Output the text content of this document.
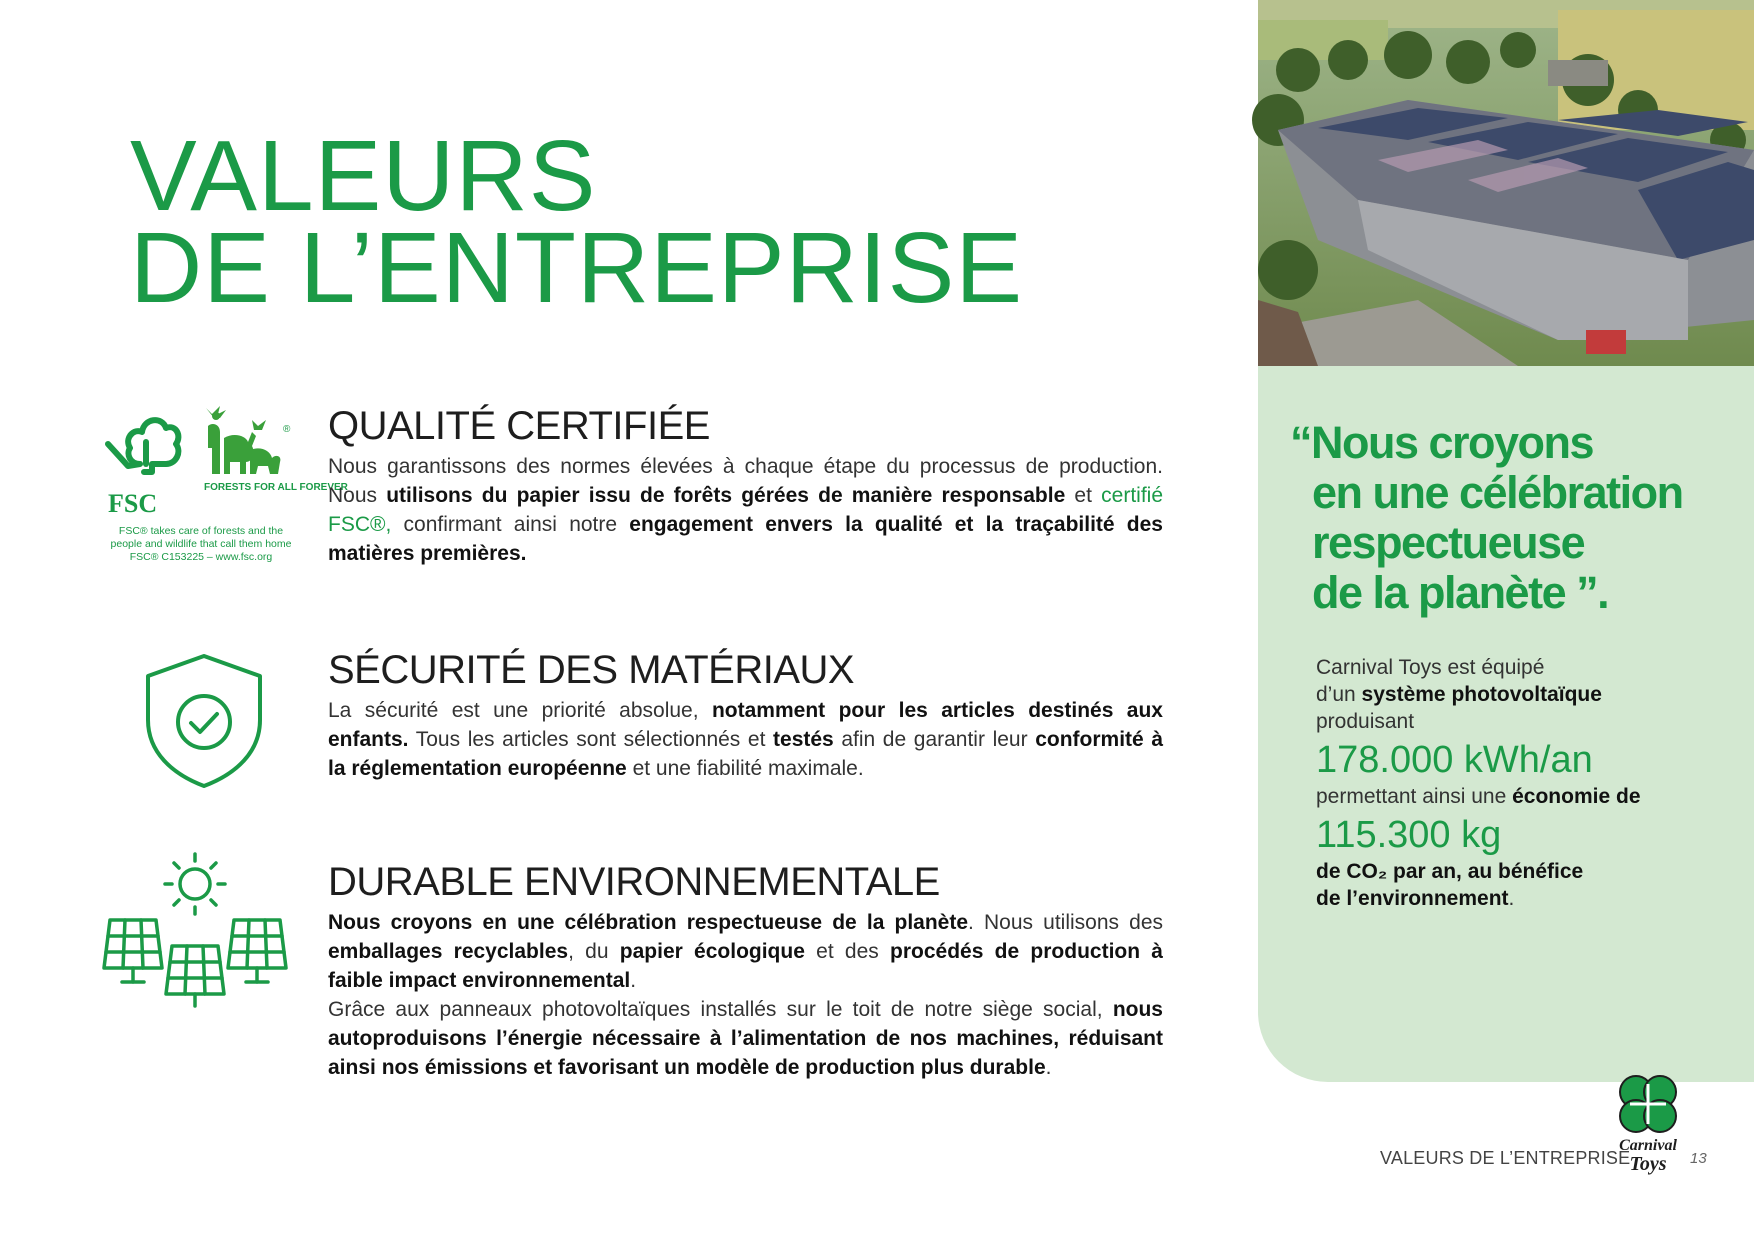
VALEURS
DE L’ENTREPRISE
FSC
FORESTS FOR ALL FOREVER
®
FSC® takes care of forests and the
people and wildlife that call them home
FSC® C153225 – www.fsc.org
QUALITÉ CERTIFIÉE
Nous garantissons des normes élevées à chaque étape du processus de production. Nous utilisons du papier issu de forêts gérées de manière responsable et certifié FSC®, confirmant ainsi notre engagement envers la qualité et la traçabilité des matières premières.
SÉCURITÉ DES MATÉRIAUX
La sécurité est une priorité absolue, notamment pour les articles destinés aux enfants. Tous les articles sont sélectionnés et testés afin de garantir leur conformité à la réglementation européenne et une fiabilité maximale.
DURABLE ENVIRONNEMENTALE
Nous croyons en une célébration respectueuse de la planète. Nous utilisons des emballages recyclables, du papier écologique et des procédés de production à faible impact environnemental.
Grâce aux panneaux photovoltaïques installés sur le toit de notre siège social, nous autoproduisons l’énergie nécessaire à l’alimentation de nos machines, réduisant ainsi nos émissions et favorisant un modèle de production plus durable.
“Nous croyons
en une célébration
respectueuse
de la planète ”.

Carnival Toys est équipé

d’un système photovoltaïque

produisant

178.000 kWh/an

permettant ainsi une économie de

115.300 kg

de CO₂ par an, au bénéfice

de l’environnement.

VALEURS DE L’ENTREPRISE
Carnival
Toys 13
